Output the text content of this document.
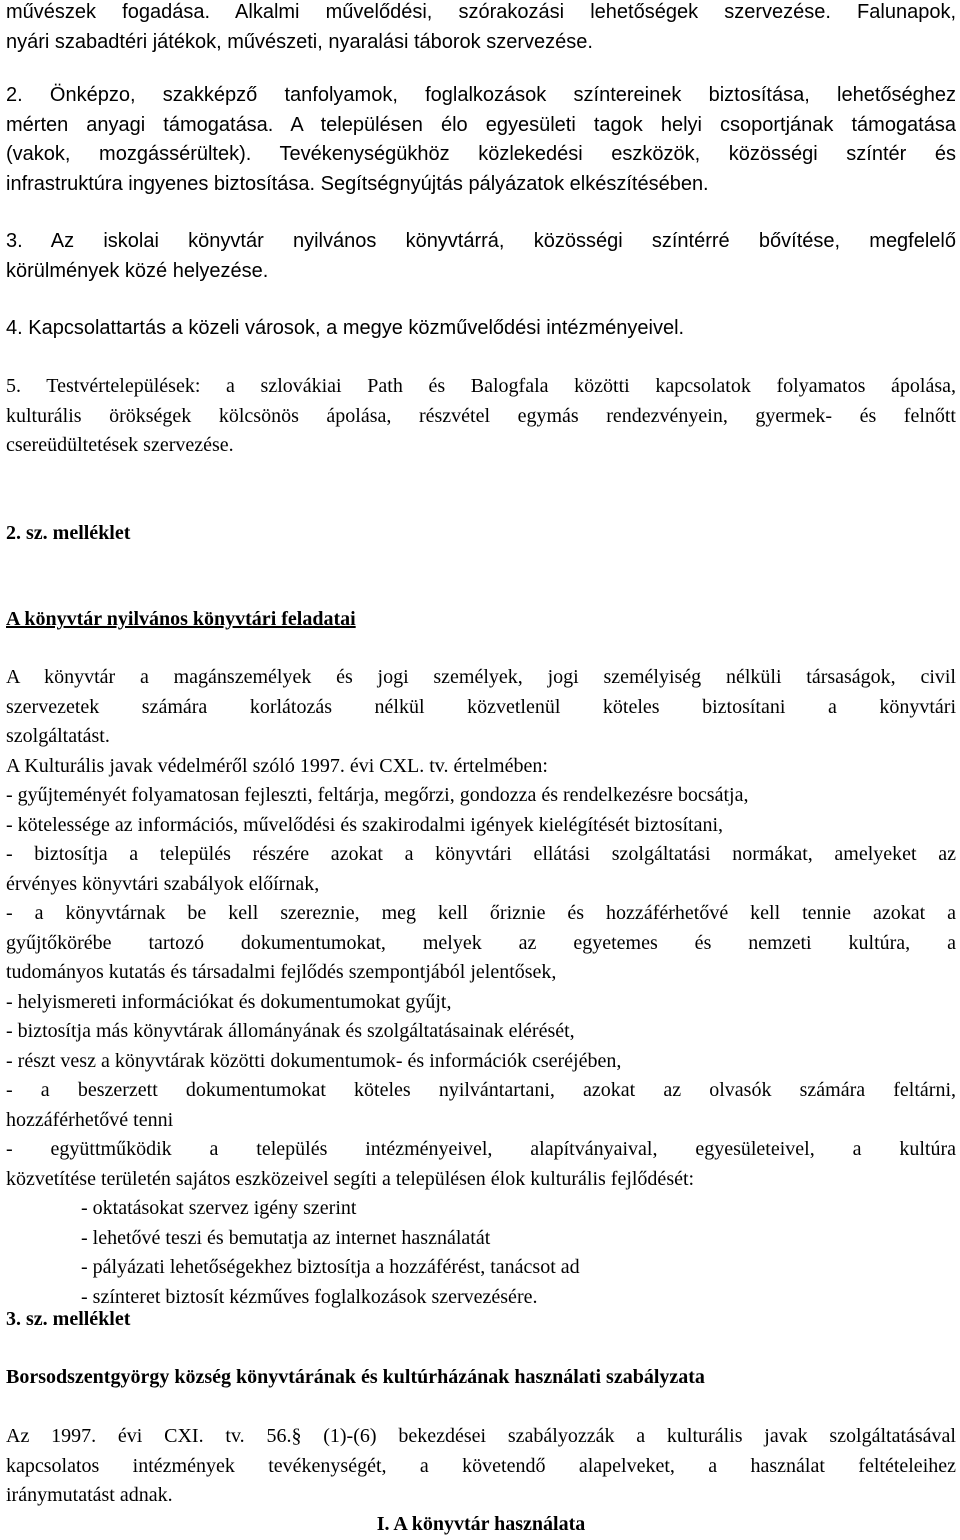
művészek fogadása. Alkalmi művelődési, szórakozási lehetőségek szervezése. Falunapok,
nyári szabadtéri játékok, művészeti, nyaralási táborok szervezése.
2. Önképzo, szakképző tanfolyamok, foglalkozások színtereinek biztosítása, lehetőséghez
mérten anyagi támogatása. A településen élo egyesületi tagok helyi csoportjának támogatása
(vakok, mozgássérültek). Tevékenységükhöz közlekedési eszközök, közösségi színtér és
infrastruktúra ingyenes biztosítása. Segítségnyújtás pályázatok elkészítésében.
3. Az iskolai könyvtár nyilvános könyvtárrá, közösségi színtérré bővítése, megfelelő
körülmények közé helyezése.
4. Kapcsolattartás a közeli városok, a megye közművelődési intézményeivel.
5. Testvértelepülések: a szlovákiai Path és Balogfala közötti kapcsolatok folyamatos ápolása,
kulturális örökségek kölcsönös ápolása, részvétel egymás rendezvényein, gyermek- és felnőtt
csereüdültetések szervezése.
2. sz. melléklet
A könyvtár nyilvános könyvtári feladatai
A könyvtár a magánszemélyek és jogi személyek, jogi személyiség nélküli társaságok, civil
szervezetek számára korlátozás nélkül közvetlenül köteles biztosítani a könyvtári
szolgáltatást.
A Kulturális javak védelméről szóló 1997. évi CXL. tv. értelmében:
- gyűjteményét folyamatosan fejleszti, feltárja, megőrzi, gondozza és rendelkezésre bocsátja,
- kötelessége az információs, művelődési és szakirodalmi igények kielégítését biztosítani,
- biztosítja a település részére azokat a könyvtári ellátási szolgáltatási normákat, amelyeket az
érvényes könyvtári szabályok előírnak,
- a könyvtárnak be kell szereznie, meg kell őriznie és hozzáférhetővé kell tennie azokat a
gyűjtőkörébe tartozó dokumentumokat, melyek az egyetemes és nemzeti kultúra, a
tudományos kutatás és társadalmi fejlődés szempontjából jelentősek,
- helyismereti információkat és dokumentumokat gyűjt,
- biztosítja más könyvtárak állományának és szolgáltatásainak elérését,
- részt vesz a könyvtárak közötti dokumentumok- és információk cseréjében,
- a beszerzett dokumentumokat köteles nyilvántartani, azokat az olvasók számára feltárni,
hozzáférhetővé tenni
- együttműködik a település intézményeivel, alapítványaival, egyesületeivel, a kultúra
közvetítése területén sajátos eszközeivel segíti a településen élok kulturális fejlődését:
- oktatásokat szervez igény szerint
- lehetővé teszi és bemutatja az internet használatát
- pályázati lehetőségekhez biztosítja a hozzáférést, tanácsot ad
- színteret biztosít kézműves foglalkozások szervezésére.
3. sz. melléklet
Borsodszentgyörgy község könyvtárának és kultúrházának használati szabályzata
Az 1997. évi CXI. tv. 56.§ (1)-(6) bekezdései szabályozzák a kulturális javak szolgáltatásával
kapcsolatos intézmények tevékenységét, a követendő alapelveket, a használat feltételeihez
iránymutatást adnak.
I. A könyvtár használata
